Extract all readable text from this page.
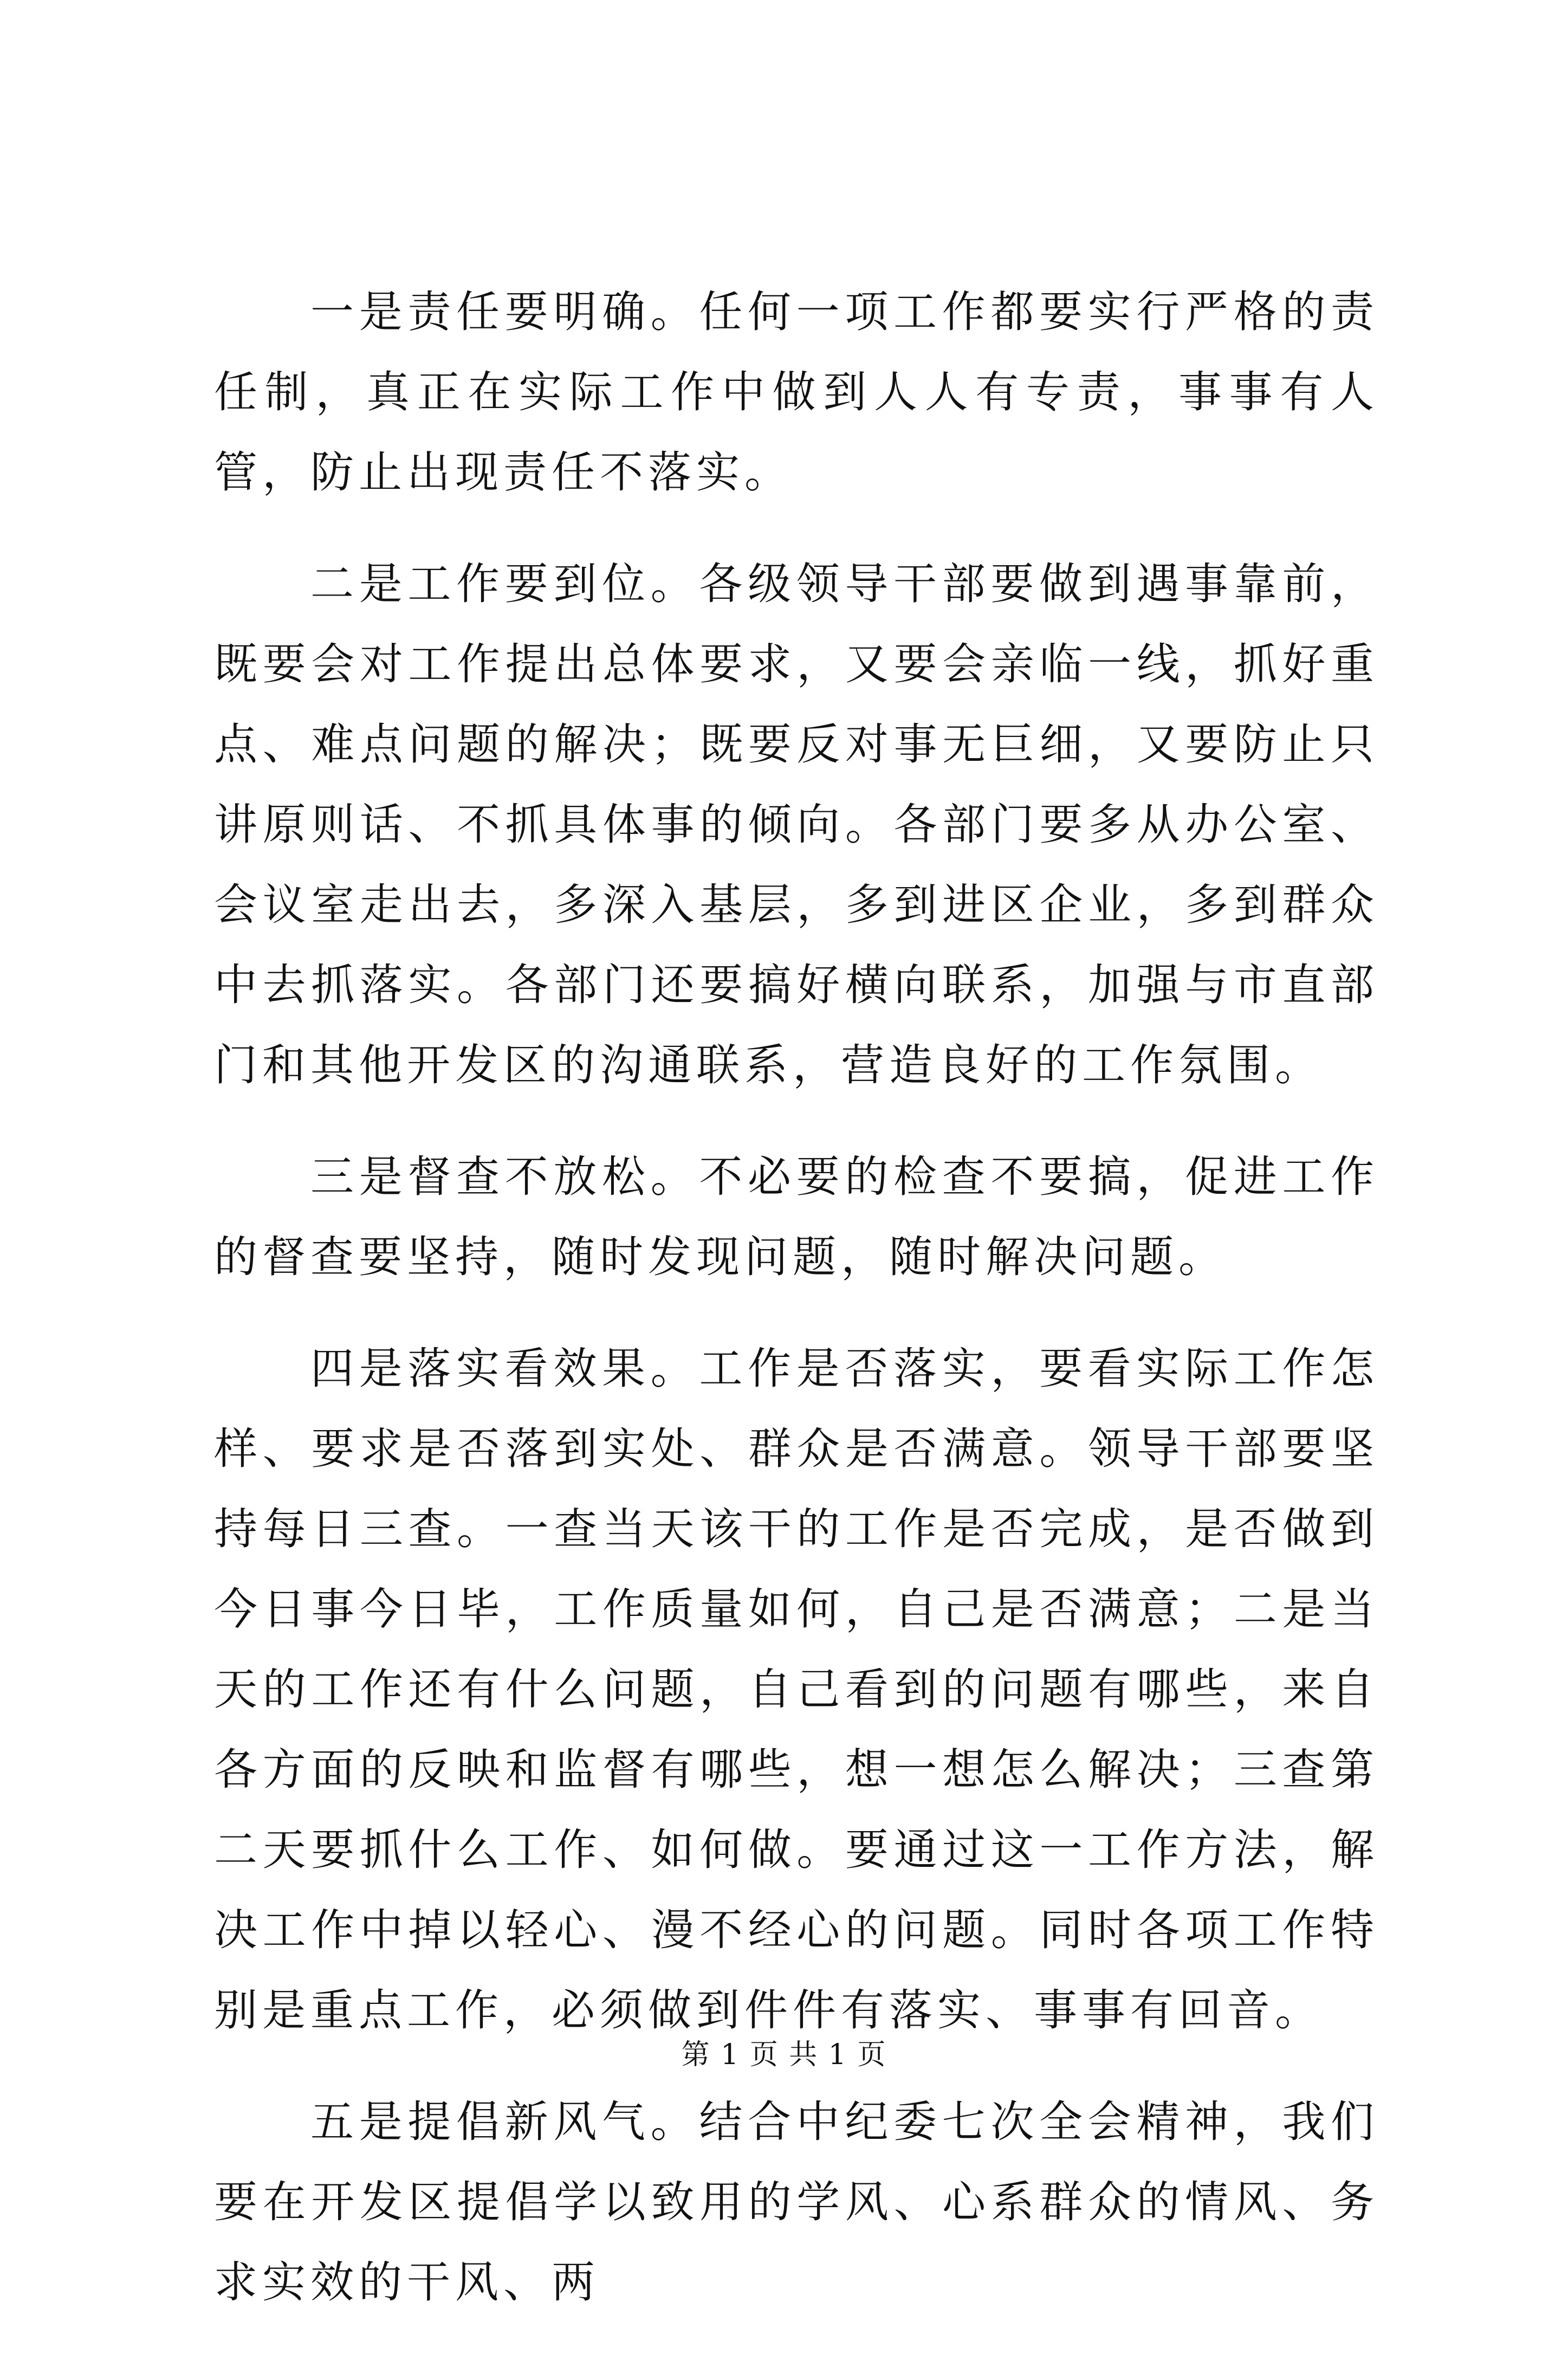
一是责任要明确。任何一项工作都要实行严格的责任制，真正在实际工作中做到人人有专责，事事有人管，防止出现责任不落实。

二是工作要到位。各级领导干部要做到遇事靠前，既要会对工作提出总体要求，又要会亲临一线，抓好重点、难点问题的解决；既要反对事无巨细，又要防止只讲原则话、不抓具体事的倾向。各部门要多从办公室、会议室走出去，多深入基层，多到进区企业，多到群众中去抓落实。各部门还要搞好横向联系，加强与市直部门和其他开发区的沟通联系，营造良好的工作氛围。

三是督查不放松。不必要的检查不要搞，促进工作的督查要坚持，随时发现问题，随时解决问题。

四是落实看效果。工作是否落实，要看实际工作怎样、要求是否落到实处、群众是否满意。领导干部要坚持每日三查。一查当天该干的工作是否完成，是否做到今日事今日毕，工作质量如何，自己是否满意；二是当天的工作还有什么问题，自己看到的问题有哪些，来自各方面的反映和监督有哪些，想一想怎么解决；三查第二天要抓什么工作、如何做。要通过这一工作方法，解决工作中掉以轻心、漫不经心的问题。同时各项工作特别是重点工作，必须做到件件有落实、事事有回音。

五是提倡新风气。结合中纪委七次全会精神，我们要在开发区提倡学以致用的学风、心系群众的情风、务求实效的干风、两

第 1 页 共 1 页
